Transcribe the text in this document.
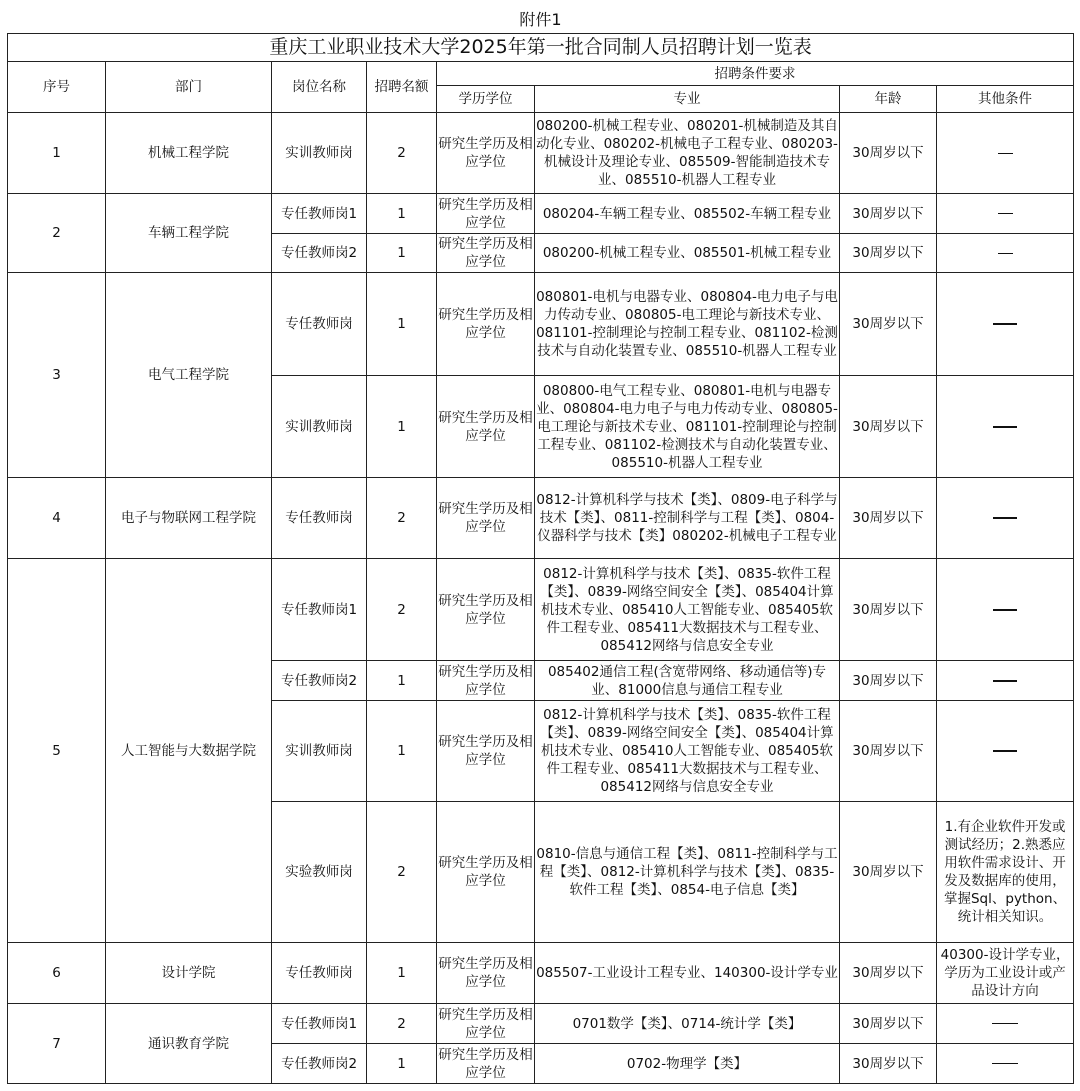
附件1
重庆工业职业技术大学2025年第一批合同制人员招聘计划一览表							
序号	部门	岗位名称	招聘名额	招聘条件要求			
				学历学位	专业	年龄	其他条件
1	机械工程学院	实训教师岗	2	研究生学历及相应学位	080200-机械工程专业、080201-机械制造及其自动化专业、080202-机械电子工程专业、080203-机械设计及理论专业、085509-智能制造技术专业、085510-机器人工程专业	30周岁以下	
2	车辆工程学院	专任教师岗1	1	研究生学历及相应学位	080204-车辆工程专业、085502-车辆工程专业	30周岁以下	
		专任教师岗2	1	研究生学历及相应学位	080200-机械工程专业、085501-机械工程专业	30周岁以下	
3	电气工程学院	专任教师岗	1	研究生学历及相应学位	080801-电机与电器专业、080804-电力电子与电力传动专业、080805-电工理论与新技术专业、081101-控制理论与控制工程专业、081102-检测技术与自动化装置专业、085510-机器人工程专业	30周岁以下	
		实训教师岗	1	研究生学历及相应学位	080800-电气工程专业、080801-电机与电器专业、080804-电力电子与电力传动专业、080805-电工理论与新技术专业、081101-控制理论与控制工程专业、081102-检测技术与自动化装置专业、085510-机器人工程专业	30周岁以下	
4	电子与物联网工程学院	专任教师岗	2	研究生学历及相应学位	0812-计算机科学与技术【类】、0809-电子科学与技术【类】、0811-控制科学与工程【类】、0804-仪器科学与技术【类】080202-机械电子工程专业	30周岁以下	
5	人工智能与大数据学院	专任教师岗1	2	研究生学历及相应学位	0812-计算机科学与技术【类】、0835-软件工程【类】、0839-网络空间安全【类】、085404计算机技术专业、085410人工智能专业、085405软件工程专业、085411大数据技术与工程专业、085412网络与信息安全专业	30周岁以下	
		专任教师岗2	1	研究生学历及相应学位	085402通信工程(含宽带网络、移动通信等)专业、81000信息与通信工程专业	30周岁以下	
		实训教师岗	1	研究生学历及相应学位	0812-计算机科学与技术【类】、0835-软件工程【类】、0839-网络空间安全【类】、085404计算机技术专业、085410人工智能专业、085405软件工程专业、085411大数据技术与工程专业、085412网络与信息安全专业	30周岁以下	
		实验教师岗	2	研究生学历及相应学位	0810-信息与通信工程【类】、0811-控制科学与工程【类】、0812-计算机科学与技术【类】、0835-软件工程【类】、0854-电子信息【类】	30周岁以下	1.有企业软件开发或测试经历；2.熟悉应用软件需求设计、开发及数据库的使用，掌握Sql、python、统计相关知识。
6	设计学院	专任教师岗	1	研究生学历及相应学位	085507-工业设计工程专业、140300-设计学专业	30周岁以下	40300-设计学专业，学历为工业设计或产品设计方向
7	通识教育学院	专任教师岗1	2	研究生学历及相应学位	0701数学【类】、0714-统计学【类】	30周岁以下	
		专任教师岗2	1	研究生学历及相应学位	0702-物理学【类】	30周岁以下	
